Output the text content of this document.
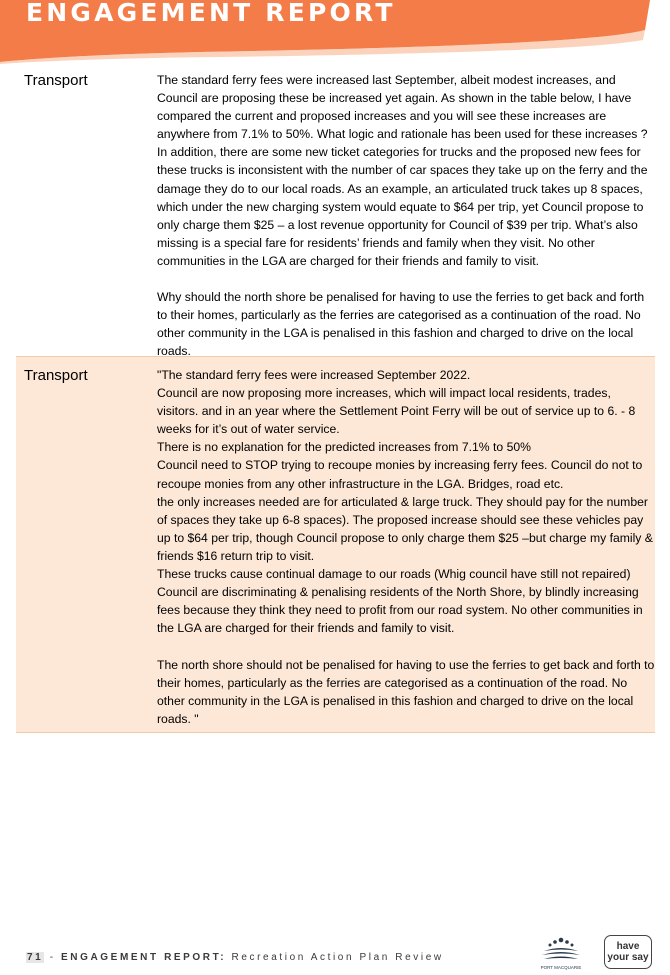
ENGAGEMENT REPORT
Transport	The standard ferry fees were increased last September, albeit modest increases, and Council are proposing these be increased yet again. As shown in the table below, I have compared the current and proposed increases and you will see these increases are anywhere from 7.1% to 50%. What logic and rationale has been used for these increases ? In addition, there are some new ticket categories for trucks and the proposed new fees for these trucks is inconsistent with the number of car spaces they take up on the ferry and the damage they do to our local roads. As an example, an articulated truck takes up 8 spaces, which under the new charging system would equate to $64 per trip, yet Council propose to only charge them $25 – a lost revenue opportunity for Council of $39 per trip. What’s also missing is a special fare for residents’ friends and family when they visit. No other communities in the LGA are charged for their friends and family to visit.

Why should the north shore be penalised for having to use the ferries to get back and forth to their homes, particularly as the ferries are categorised as a continuation of the road. No other community in the LGA is penalised in this fashion and charged to drive on the local roads.

Transport	"The standard ferry fees were increased September 2022.

Council are now proposing more increases, which will impact local residents, trades, visitors. and in an year where the Settlement Point Ferry will be out of service up to 6. - 8 weeks for it’s out of water service.

There is no explanation for the predicted increases from 7.1% to 50%

Council need to STOP trying to recoupe monies by increasing ferry fees. Council do not to recoupe monies from any other infrastructure in the LGA. Bridges, road etc.

the only increases needed are for articulated & large truck. They should pay for the number of spaces they take up 6-8 spaces). The proposed increase should see these vehicles pay up to $64 per trip, though Council propose to only charge them $25 –but charge my family & friends $16 return trip to visit.

These trucks cause continual damage to our roads (Whig council have still not repaired)

Council are discriminating & penalising residents of the North Shore, by blindly increasing fees because they think they need to profit from our road system. No other communities in the LGA are charged for their friends and family to visit.

The north shore should not be penalised for having to use the ferries to get back and forth to their homes, particularly as the ferries are categorised as a continuation of the road. No other community in the LGA is penalised in this fashion and charged to drive on the local roads. "

71 - ENGAGEMENT REPORT: Recreation Action Plan Review
PORT MACQUARIE
have your say
